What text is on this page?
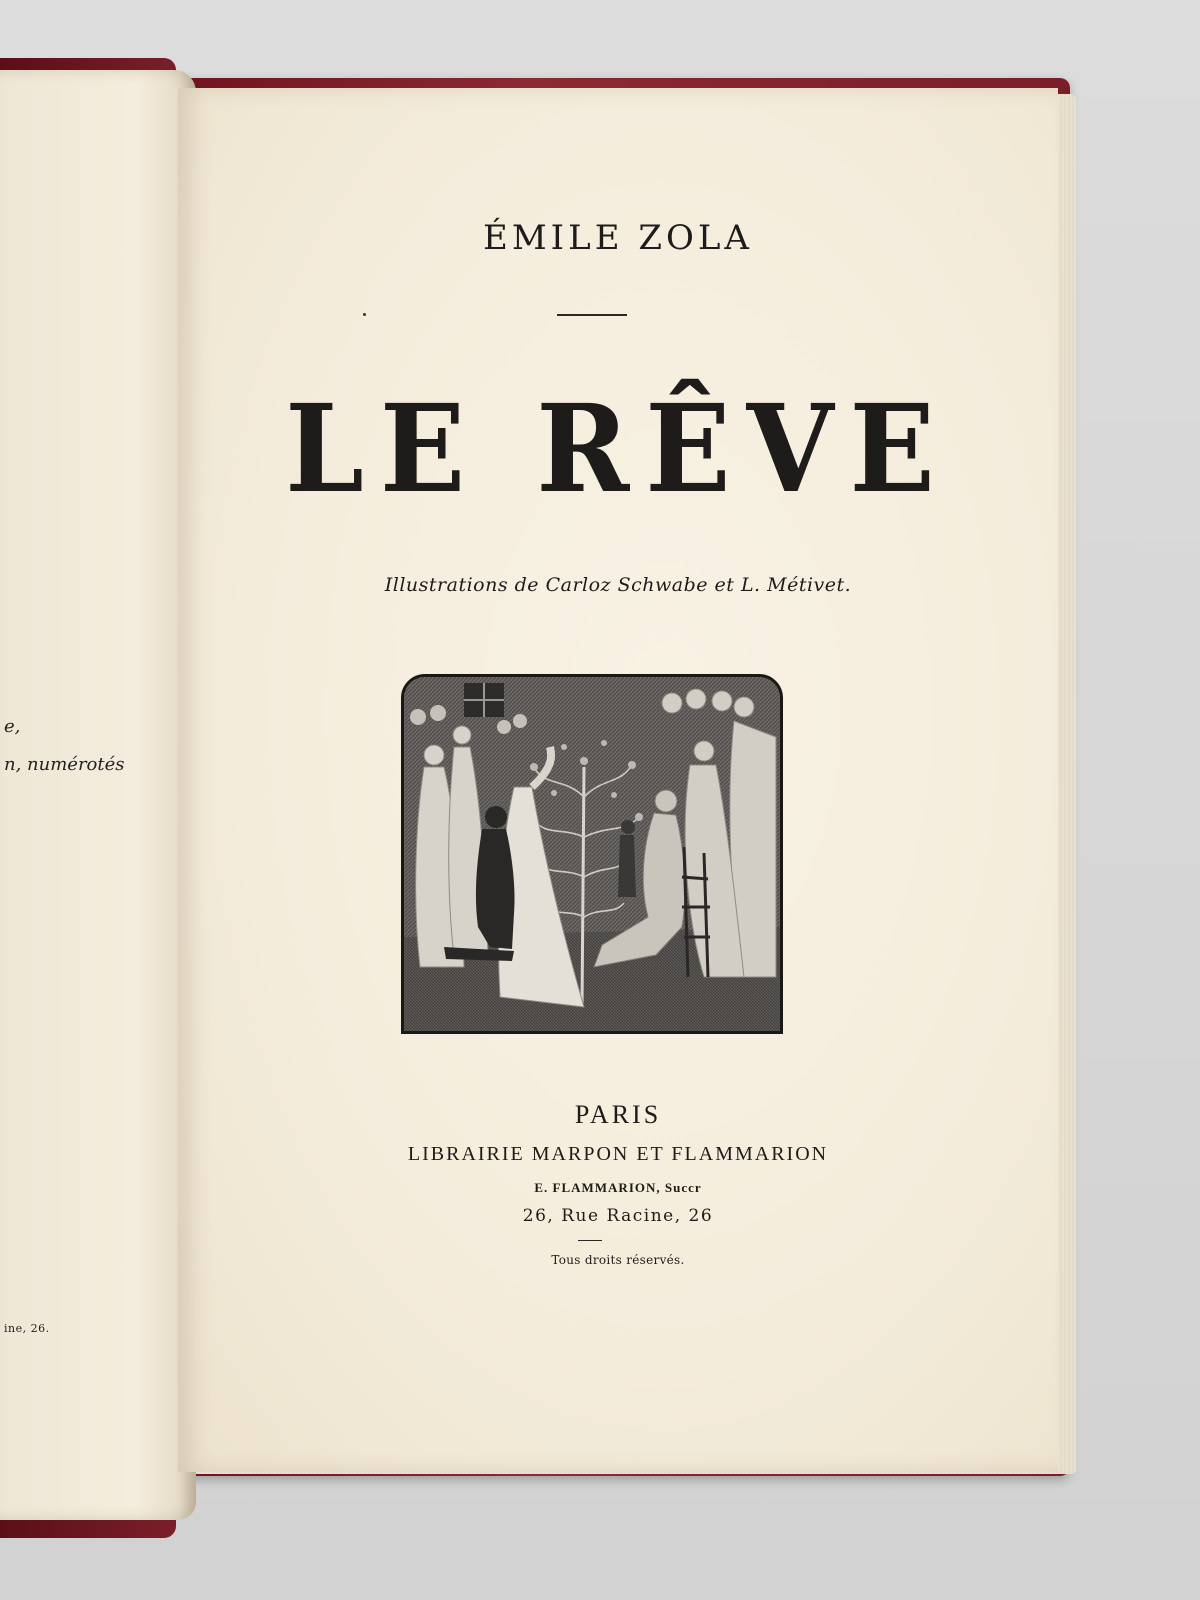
e,
n, numérotés
ine, 26.
ÉMILE ZOLA
LE RÊVE
Illustrations de Carloz Schwabe et L. Métivet.
PARIS
LIBRAIRIE MARPON ET FLAMMARION
E. FLAMMARION, Succr
26, Rue Racine, 26
Tous droits réservés.
